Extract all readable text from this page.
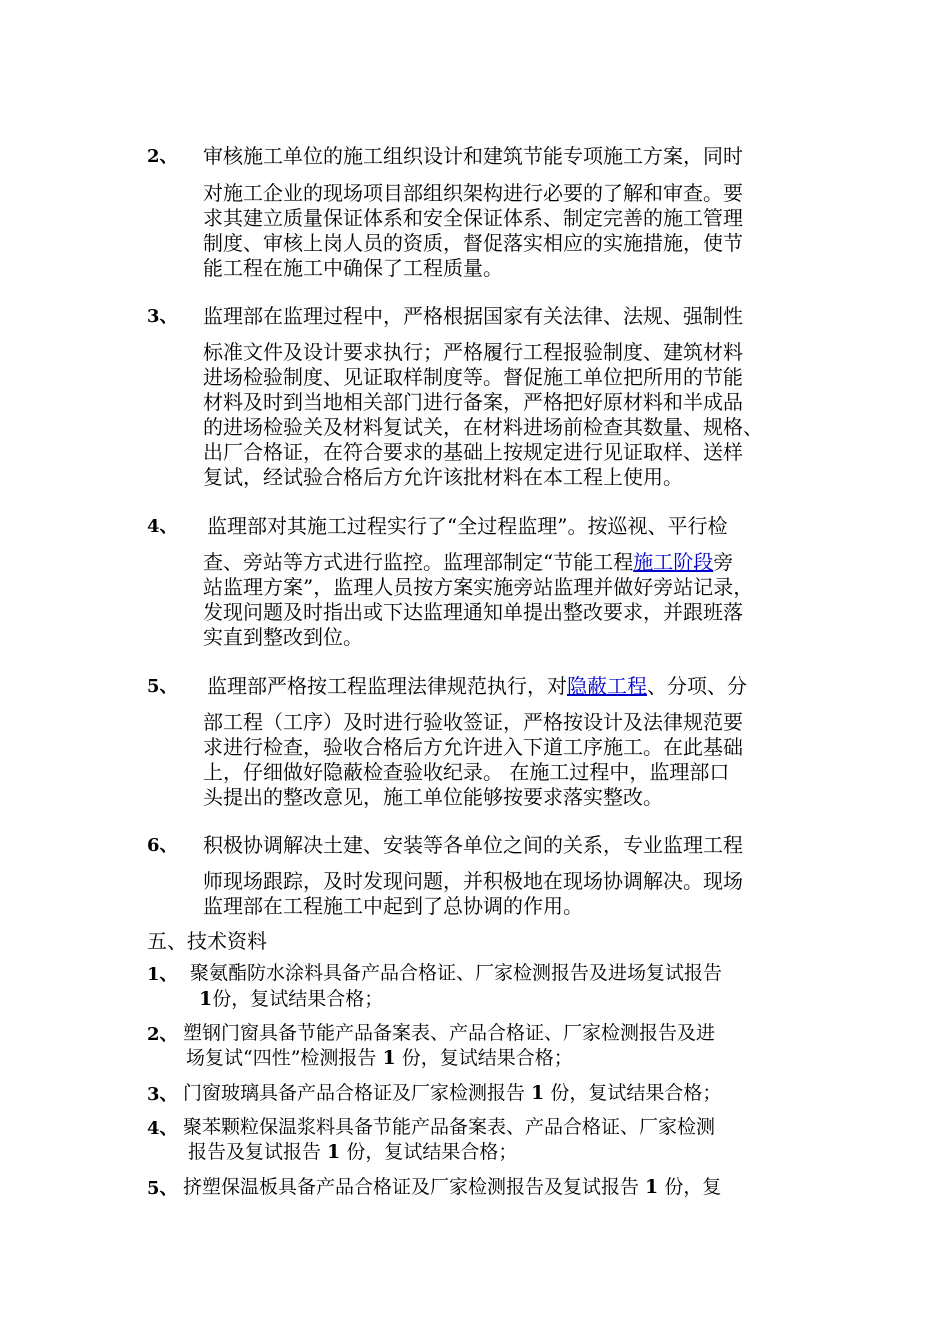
2、 审核施工单位的施工组织设计和建筑节能专项施工方案，同时
对施工企业的现场项目部组织架构进行必要的了解和审查。要
求其建立质量保证体系和安全保证体系、制定完善的施工管理
制度、审核上岗人员的资质，督促落实相应的实施措施，使节
能工程在施工中确保了工程质量。
3、 监理部在监理过程中，严格根据国家有关法律、法规、强制性
标准文件及设计要求执行；严格履行工程报验制度、建筑材料
进场检验制度、见证取样制度等。督促施工单位把所用的节能
材料及时到当地相关部门进行备案，严格把好原材料和半成品
的进场检验关及材料复试关，在材料进场前检查其数量、规格、
出厂合格证，在符合要求的基础上按规定进行见证取样、送样
复试，经试验合格后方允许该批材料在本工程上使用。
4、 监理部对其施工过程实行了“全过程监理”。按巡视、平行检
查、旁站等方式进行监控。监理部制定“节能工程施工阶段旁
站监理方案”，监理人员按方案实施旁站监理并做好旁站记录，
发现问题及时指出或下达监理通知单提出整改要求，并跟班落
实直到整改到位。
5、 监理部严格按工程监理法律规范执行，对隐蔽工程、分项、分
部工程（工序）及时进行验收签证，严格按设计及法律规范要
求进行检查，验收合格后方允许进入下道工序施工。在此基础
上，仔细做好隐蔽检查验收纪录。 在施工过程中，监理部口
头提出的整改意见，施工单位能够按要求落实整改。
6、 积极协调解决土建、安装等各单位之间的关系，专业监理工程
师现场跟踪，及时发现问题，并积极地在现场协调解决。现场
监理部在工程施工中起到了总协调的作用。
五、技术资料
1、 聚氨酯防水涂料具备产品合格证、厂家检测报告及进场复试报告
1份，复试结果合格；
2、 塑钢门窗具备节能产品备案表、产品合格证、厂家检测报告及进
场复试“四性”检测报告 1 份，复试结果合格；
3、 门窗玻璃具备产品合格证及厂家检测报告 1 份，复试结果合格；
4、 聚苯颗粒保温浆料具备节能产品备案表、产品合格证、厂家检测
报告及复试报告 1 份，复试结果合格；
5、 挤塑保温板具备产品合格证及厂家检测报告及复试报告 1 份，复
